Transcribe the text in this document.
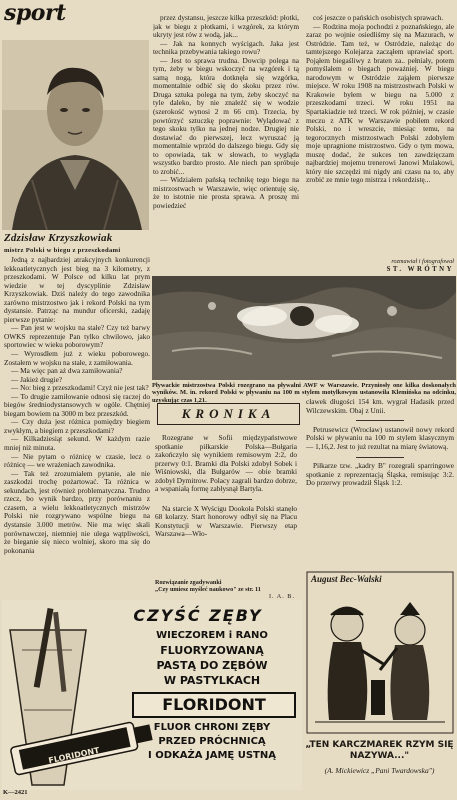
sport
Zdzisław Krzyszkowiak
mistrz Polski w biegu z przeszkodami

Jedną z najbardziej atrakcyjnych konkurencji lekkoatletycznych jest bieg na 3 kilometry, z przeszkodami. W Polsce od kilku lat prym wiedzie w tej dyscyplinie Zdzisław Krzyszkowiak. Dziś należy do tego zawodnika zarówno mistrzostwo jak i rekord Polski na tym dystansie. Patrząc na mundur oficerski, zadaję pierwsze pytanie:

— Pan jest w wojsku na stałe? Czy też barwy OWKS reprezentuje Pan tylko chwilowo, jako sportowiec w wieku poborowym?

— Wyrosdłem już z wieku poborowego. Zostałem w wojsku na stałe, z zamiłowania.

— Ma więc pan aż dwa zamiłowania?

— Jakież drugie?

— No: bieg z przeszkodami! Czyż nie jest tak?

— To drugie zamiłowanie odnosi się raczej do biegów średniodystansowych w ogóle. Chętniej biegam bowiem na 3000 m bez przeszkód.

— Czy duża jest różnica pomiędzy biegiem zwykłym, a biegiem z przeszkodami?

— Kilkadziesiąt sekund. W każdym razie mniej niż minuta.

— Nie pytam o różnicę w czasie, lecz o różnicę — we wrażeniach zawodnika.

— Tak też zrozumiałem pytanie, ale nie zaszkodzi trochę pożartować. Ta różnica w sekundach, jest również problematyczna. Trudno rzecz, bo wynik bardzo, przy porównaniu z czasem, a wielu lekkoatletycznych mistrzów Polski nie rozgrywano wspólne biegu na dystansie 3.000 metrów. Nie ma więc skali porównawczej, niemniej nie ulega wątpliwości, że bieganie się nieco wolniej, skoro ma się do pokonania

przez dystansu, jeszcze kilka przeszkód: płotki, jak w biegu z płotkami, i wzgórek, za którym ukryty jest rów z wodą, jak...

— Jak na konnych wyścigach. Jaka jest technika przebywania takiego rowu?

— Jest to sprawa trudna. Dowcip polega na tym, żeby w biegu wskoczyć na wzgórek i tą samą nogą, która dotknęła się wzgórka, momentalnie odbić się do skoku przez rów. Druga sztuka polega na tym, żeby skoczyć na tyle daleko, by nie znaleźć się w wodzie (szerokość wynosi 2 m 66 cm). Trzecia, by powtórzyć sztuczkę poprawnie: Wylądować z tego skoku tylko na jednej nodze. Drugiej nie dostawiać do pierwszej, lecz wyruszać ją momentalnie wprzód do dalszego biegu. Gdy się to opowiada, tak w słowach, to wygląda wszystko bardzo prosto. Ale niech pan spróbuje to zrobić...

— Widziałem pańską technikę tego biegu na mistrzostwach w Warszawie, więc orientuję się, że to istotnie nie prosta sprawa. A proszę mi powiedzieć

coś jeszcze o pańskich osobistych sprawach.

— Rodzina moja pochodzi z poznańskiego, ale zaraz po wojnie osiedliśmy się na Mazurach, w Ostródzie. Tam też, w Ostródzie, należąc do tamtejszego Kolejarza zacząłem uprawiać sport. Pojąłem biegaśliwy z braten za.. pełniały, potem pomyślałem o biegach poważniej. W biegu narodowym w Ostródzie zająłem pierwsze miejsce. W roku 1908 na mistrzostwach Polski w Krakowie byłem w biegu na 5.000 z przeszkodami trzeci. W roku 1951 na Spartakiadzie też trzeci. W rok później, w czasie meczu z ATK w Warszawie pobiłem rekord Polski, no i wreszcie, miesiąc temu, na tegorocznych mistrzostwach Polski zdobyłem moje upragnione mistrzostwo. Gdy o tym mowa, muszę dodać, że sukces ten zawdzięczam najbardziej mojemu trenerowi Janowi Mulakowi, który nie szczędzi mi nigdy ani czasu na to, aby zrobić ze mnie tego mistrza i rekordzistę...

rozmawiał i fotografował
ST. WRÓTNY
Pływackie mistrzostwa Polski rozegrano na pływalni AWF w Warszawie. Przyniosły one kilka doskonałych wyników. M. in. rekord Polski w pływaniu na 100 m stylem motylkowym ustanowiła Klemińska na odcinku, uzyskując czas 1,21.
KRONIKA

Rozegrane w Sofii międzypaństwowe spotkanie piłkarskie Polska—Bułgaria zakończyło się wynikiem remisowym 2:2, do przerwy 0:1. Bramki dla Polski zdobył Sobek i Wiśniowski, dla Bułgarów — obie bramki zdobył Dymitrow. Polacy zagrali bardzo dobrze, a wspaniałą formę zabłysnął Bartyla.

Na starcie X Wyścigu Dookoła Polski stanęło 68 kolarzy. Start honorowy odbył się na Placu Konstytucji w Warszawie. Pierwszy etap Warszawa—Wło-

cławek długości 154 km. wygrał Hadasik przed Wilczewskim. Obaj z Unii.

Petrusewicz (Wrocław) ustanowił nowy rekord Polski w pływaniu na 100 m stylem klasycznym — 1,16,2. Jest to już rezultat na miarę światową.

Piłkarze tzw. „kadry B" rozegrali sparringowe spotkanie z reprezentacją Śląska, remisując 3:2. Do przerwy prowadził Śląsk 1:2.

Rozwiązanie zgadywanki
„Czy umiesz myśleć naukowo" ze str. 11
I. A. B.
CZYŚĆ ZĘBY
WIECZOREM i RANO
FLUORYZOWANĄ
PASTĄ DO ZĘBÓW
W PASTYLKACH
FLORIDONT
FLUOR CHRONI ZĘBY
PRZED PRÓCHNICĄ
I ODKAŻA JAMĘ USTNĄ
FLORIDONT
August Bec-Walski
„TEN KARCZMAREK RZYM SIĘ NAZYWA..."
(A. Mickiewicz „Pani Twardowska")
K—2421
